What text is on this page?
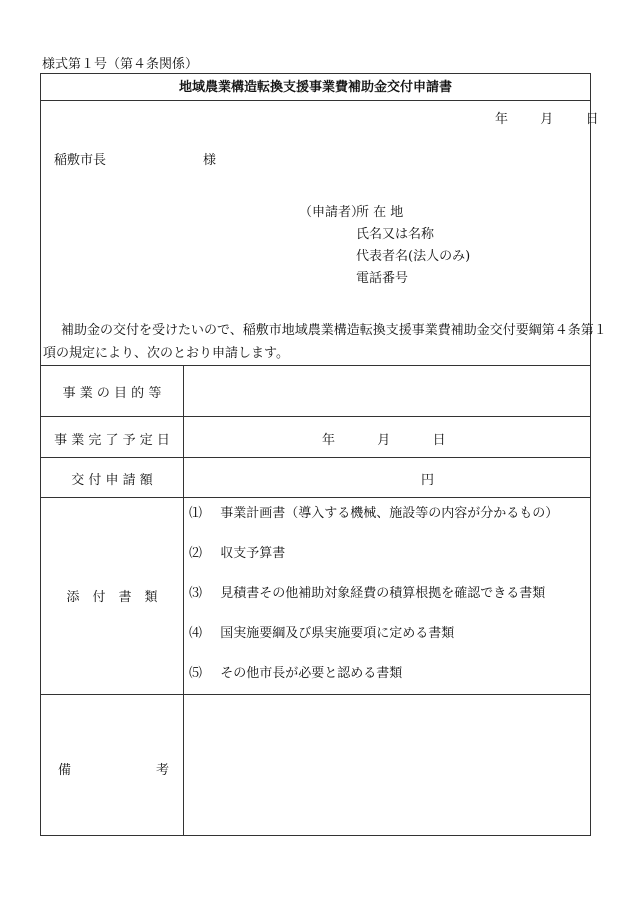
様式第１号（第４条関係）
地域農業構造転換支援事業費補助金交付申請書
年 月 日
稲敷市長	様
（申請者）
所 在 地
氏名又は名称
代表者名(法人のみ)
電話番号
補助金の交付を受けたいので、稲敷市地域農業構造転換支援事業費補助金交付要綱第４条第１
項の規定により、次のとおり申請します。
事 業 の 目 的 等
事 業 完 了 予 定 日	年	月	日
交 付 申 請 額	円
添　付　書　類
⑴ 事業計画書（導入する機械、施設等の内容が分かるもの）
⑵ 収支予算書
⑶ 見積書その他補助対象経費の積算根拠を確認できる書類
⑷ 国実施要綱及び県実施要項に定める書類
⑸ その他市長が必要と認める書類
備	考
